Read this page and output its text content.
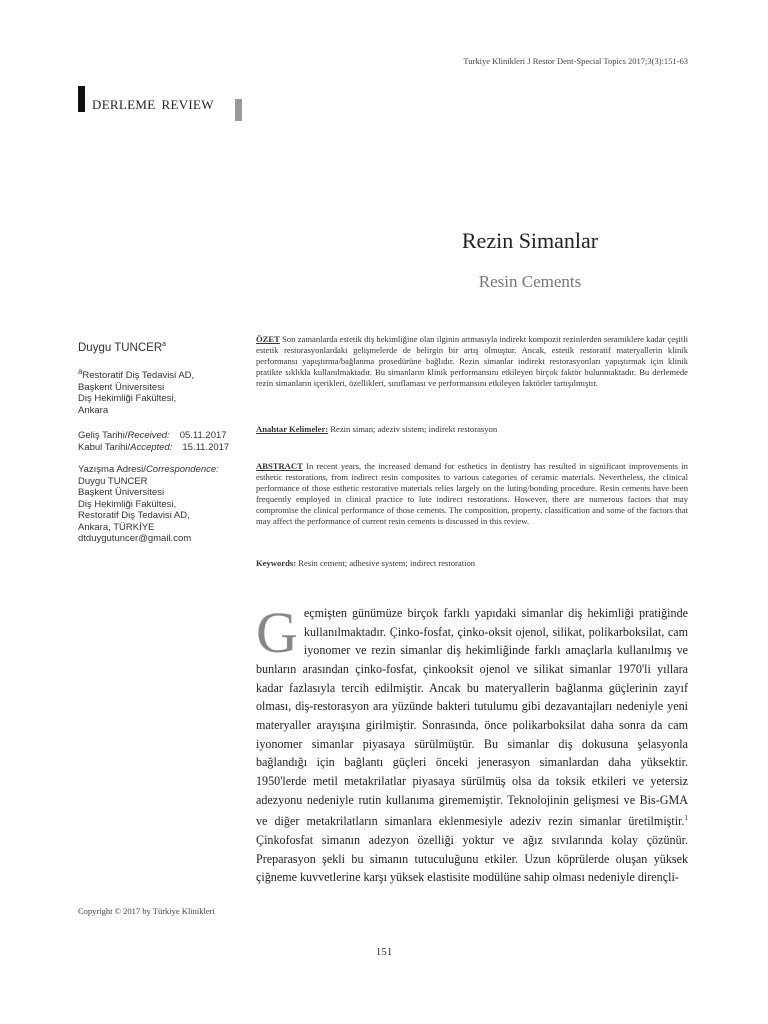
Turkiye Klinikleri J Restor Dent-Special Topics 2017;3(3):151-63
DERLEME REVIEW
Rezin Simanlar
Resin Cements
Duygu TUNCER$^a$
$^a$Restoratif Diş Tedavisi AD,
Başkent Üniversitesi
Diş Hekimliği Fakültesi,
Ankara
Geliş Tarihi/Received: 05.11.2017
Kabul Tarihi/Accepted: 15.11.2017
Yazışma Adresi/Correspondence:
Duygu TUNCER
Başkent Üniversitesi
Diş Hekimliği Fakültesi,
Restoratif Diş Tedavisi AD,
Ankara, TÜRKİYE
dtduygutuncer@gmail.com
ÖZET Son zamanlarda estetik diş hekimliğine olan ilginin artmasıyla indirekt kompozit rezinlerden seramiklere kadar çeşitli estetik restorasyonlardaki gelişmelerde de belirgin bir artış olmuştur. Ancak, estetik restoratif materyallerin klinik performansı yapıştırma/bağlanma prosedürüne bağlıdır. Rezin simanlar indirekt restorasyonları yapıştırmak için klinik pratikte sıklıkla kullanılmaktadır. Bu simanların klinik performansını etkileyen birçok faktör bulunmaktadır. Bu derlemede rezin simanların içerikleri, özellikleri, sınıflaması ve performansını etkileyen faktörler tartışılmıştır.
Anahtar Kelimeler: Rezin siman; adeziv sistem; indirekt restorasyon
ABSTRACT In recent years, the increased demand for esthetics in dentistry has resulted in significant improvements in esthetic restorations, from indirect resin composites to various categories of ceramic materials. Nevertheless, the clinical performance of those esthetic restorative materials relies largely on the luting/bonding procedure. Resin cements have been frequently employed in clinical practice to lute indirect restorations. However, there are numerous factors that may compromise the clinical performance of those cements. The composition, property, classification and some of the factors that may affect the performance of current resin cements is discussed in this review.
Keywords: Resin cement; adhesive system; indirect restoration
Geçmişten günümüze birçok farklı yapıdaki simanlar diş hekimliği pratiğinde kullanılmaktadır. Çinko-fosfat, çinko-oksit ojenol, silikat, polikarboksilat, cam iyonomer ve rezin simanlar diş hekimliğinde farklı amaçlarla kullanılmış ve bunların arasından çinko-fosfat, çinkooksit ojenol ve silikat simanlar 1970'li yıllara kadar fazlasıyla tercih edilmiştir. Ancak bu materyallerin bağlanma güçlerinin zayıf olması, diş-restorasyon ara yüzünde bakteri tutulumu gibi dezavantajları nedeniyle yeni materyaller arayışına girilmiştir. Sonrasında, önce polikarboksilat daha sonra da cam iyonomer simanlar piyasaya sürülmüştür. Bu simanlar diş dokusuna şelasyonla bağlandığı için bağlantı güçleri önceki jenerasyon simanlardan daha yüksektir. 1950'lerde metil metakrilatlar piyasaya sürülmüş olsa da toksik etkileri ve yetersiz adezyonu nedeniyle rutin kullanıma girememiştir. Teknolojinin gelişmesi ve Bis-GMA ve diğer metakrilatların simanlara eklenmesiyle adeziv rezin simanlar üretilmiştir.$^1$ Çinkofosfat simanın adezyon özelliği yoktur ve ağız sıvılarında kolay çözünür. Preparasyon şekli bu simanın tutuculuğunu etkiler. Uzun köprülerde oluşan yüksek çiğneme kuvvetlerine karşı yüksek elastisite modülüne sahip olması nedeniyle dirençli-
Copyright © 2017 by Türkiye Klinikleri
151
